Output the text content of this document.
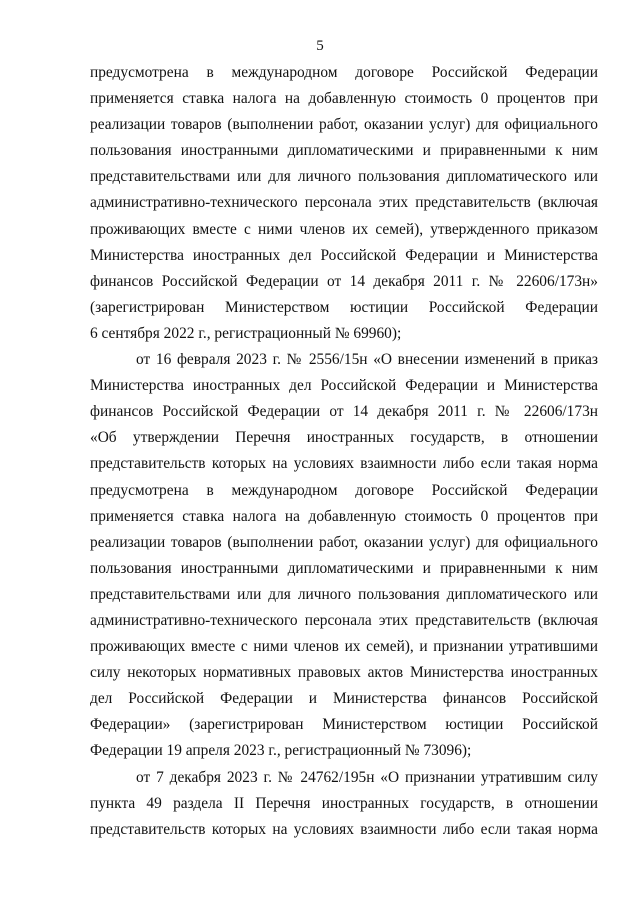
5
предусмотрена в международном договоре Российской Федерации
применяется ставка налога на добавленную стоимость 0 процентов при
реализации товаров (выполнении работ, оказании услуг) для официального
пользования иностранными дипломатическими и приравненными к ним
представительствами или для личного пользования дипломатического или
административно-технического персонала этих представительств (включая
проживающих вместе с ними членов их семей), утвержденного приказом
Министерства иностранных дел Российской Федерации и Министерства
финансов Российской Федерации от 14 декабря 2011 г. № 22606/173н»
(зарегистрирован Министерством юстиции Российской Федерации
6 сентября 2022 г., регистрационный № 69960);
от 16 февраля 2023 г. № 2556/15н «О внесении изменений в приказ
Министерства иностранных дел Российской Федерации и Министерства
финансов Российской Федерации от 14 декабря 2011 г. № 22606/173н
«Об утверждении Перечня иностранных государств, в отношении
представительств которых на условиях взаимности либо если такая норма
предусмотрена в международном договоре Российской Федерации
применяется ставка налога на добавленную стоимость 0 процентов при
реализации товаров (выполнении работ, оказании услуг) для официального
пользования иностранными дипломатическими и приравненными к ним
представительствами или для личного пользования дипломатического или
административно-технического персонала этих представительств (включая
проживающих вместе с ними членов их семей), и признании утратившими
силу некоторых нормативных правовых актов Министерства иностранных
дел Российской Федерации и Министерства финансов Российской
Федерации» (зарегистрирован Министерством юстиции Российской
Федерации 19 апреля 2023 г., регистрационный № 73096);
от 7 декабря 2023 г. № 24762/195н «О признании утратившим силу
пункта 49 раздела II Перечня иностранных государств, в отношении
представительств которых на условиях взаимности либо если такая норма
